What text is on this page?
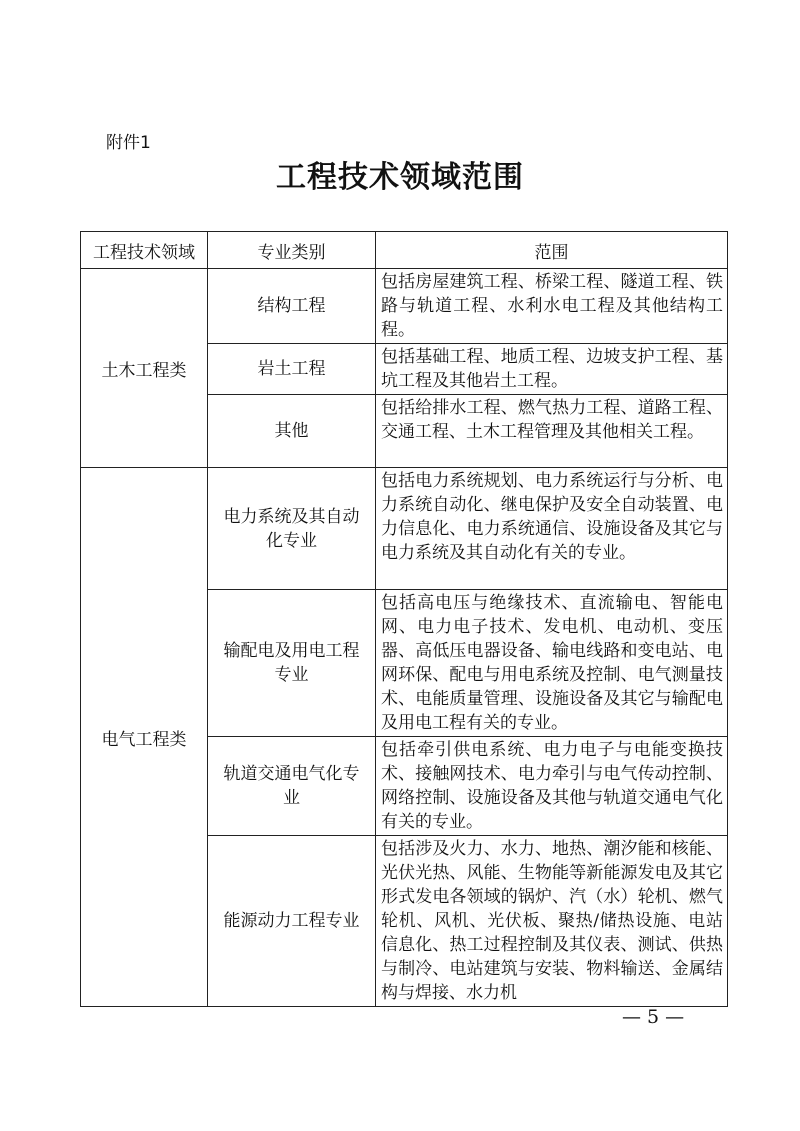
附件1
工程技术领域范围
工程技术领域	专业类别	范围
土木工程类	结构工程	包括房屋建筑工程、桥梁工程、隧道工程、铁路与轨道工程、水利水电工程及其他结构工程。
	岩土工程	包括基础工程、地质工程、边坡支护工程、基坑工程及其他岩土工程。
	其他	包括给排水工程、燃气热力工程、道路工程、交通工程、土木工程管理及其他相关工程。
电气工程类	电力系统及其自动化专业	包括电力系统规划、电力系统运行与分析、电力系统自动化、继电保护及安全自动装置、电力信息化、电力系统通信、设施设备及其它与电力系统及其自动化有关的专业。
	输配电及用电工程专业	包括高电压与绝缘技术、直流输电、智能电网、电力电子技术、发电机、电动机、变压器、高低压电器设备、输电线路和变电站、电网环保、配电与用电系统及控制、电气测量技术、电能质量管理、设施设备及其它与输配电及用电工程有关的专业。
	轨道交通电气化专业	包括牵引供电系统、电力电子与电能变换技术、接触网技术、电力牵引与电气传动控制、网络控制、设施设备及其他与轨道交通电气化有关的专业。
	能源动力工程专业	包括涉及火力、水力、地热、潮汐能和核能、光伏光热、风能、生物能等新能源发电及其它形式发电各领域的锅炉、汽（水）轮机、燃气轮机、风机、光伏板、聚热/储热设施、电站信息化、热工过程控制及其仪表、测试、供热与制冷、电站建筑与安装、物料输送、金属结构与焊接、水力机
— 5 —
